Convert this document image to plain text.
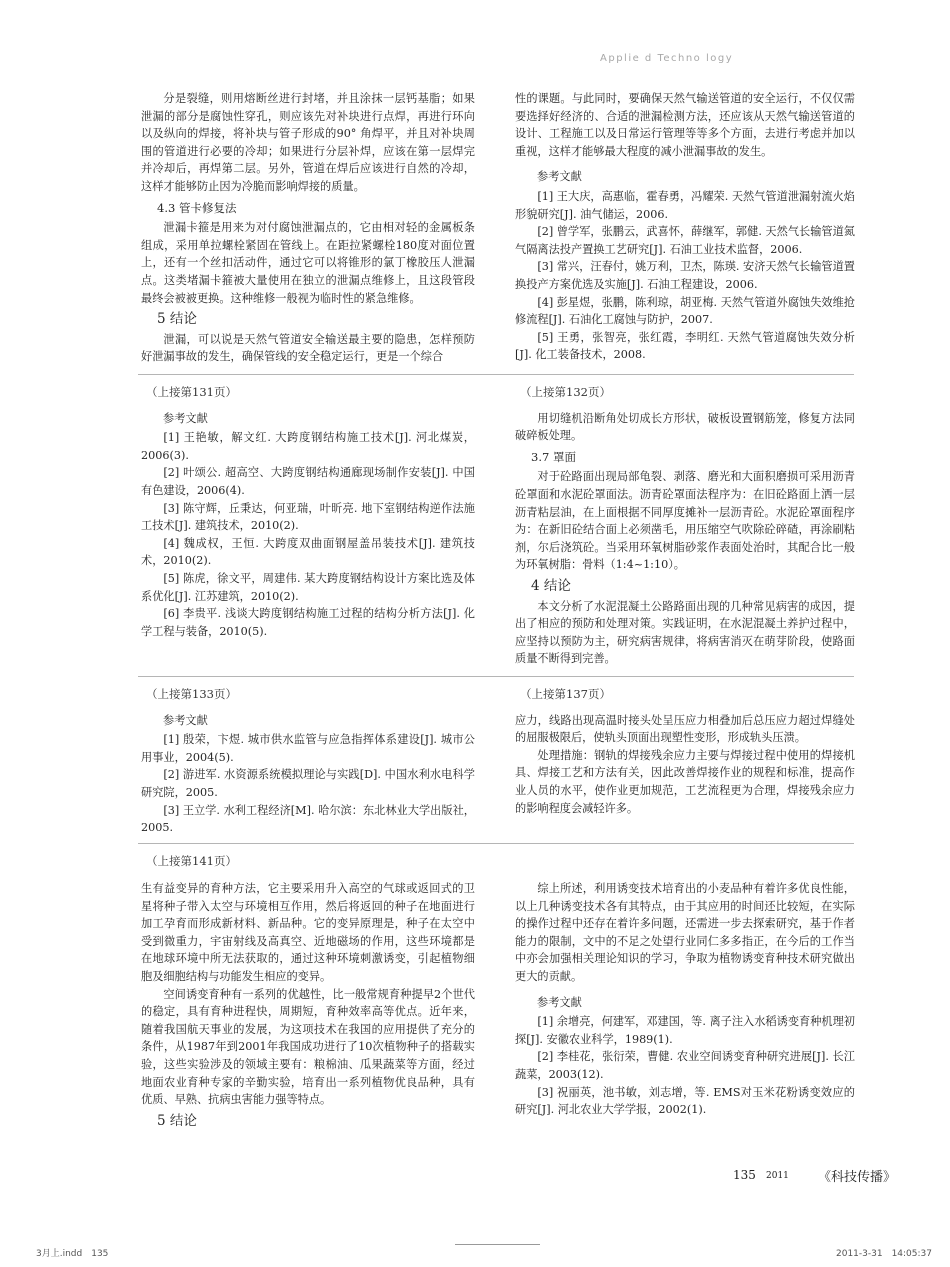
Applie d Techno logy

分是裂缝，则用熔断丝进行封堵，并且涂抹一层钙基脂；如果泄漏的部分是腐蚀性穿孔，则应该先对补块进行点焊，再进行环向以及纵向的焊接，将补块与管子形成的90° 角焊平，并且对补块周围的管道进行必要的冷却；如果进行分层补焊，应该在第一层焊完并冷却后，再焊第二层。另外，管道在焊后应该进行自然的冷却，这样才能够防止因为冷脆而影响焊接的质量。

4.3 管卡修复法

泄漏卡箍是用来为对付腐蚀泄漏点的，它由相对轻的金属板条组成，采用单拉螺栓紧固在管线上。在距拉紧螺栓180度对面位置上，还有一个丝扣活动件，通过它可以将锥形的氯丁橡胶压人泄漏点。这类堵漏卡箍被大量使用在独立的泄漏点维修上，且这段管段最终会被被更换。这种维修一般视为临时性的紧急维修。

5 结论

泄漏，可以说是天然气管道安全输送最主要的隐患，怎样预防好泄漏事故的发生，确保管线的安全稳定运行，更是一个综合

性的课题。与此同时，要确保天然气输送管道的安全运行，不仅仅需要选择好经济的、合适的泄漏检测方法，还应该从天然气输送管道的设计、工程施工以及日常运行管理等等多个方面，去进行考虑并加以重视，这样才能够最大程度的减小泄漏事故的发生。

参考文献

[1] 王大庆，高惠临，霍春勇，冯耀荣. 天然气管道泄漏射流火焰形貌研究[J]. 油气储运，2006.

[2] 曾学军，张鹏云，武喜怀，薛继军，郭健. 天然气长输管道氮气隔离法投产置换工艺研究[J]. 石油工业技术监督，2006.

[3] 常兴，汪春付，姚万利，卫杰，陈瑛. 安济天然气长输管道置换投产方案优选及实施[J]. 石油工程建设，2006.

[4] 彭星煜，张鹏，陈利琼，胡亚梅. 天然气管道外腐蚀失效维抢修流程[J]. 石油化工腐蚀与防护，2007.

[5] 王勇，张智亮，张红霞，李明红. 天然气管道腐蚀失效分析[J]. 化工装备技术，2008.

（上接第131页）

参考文献

[1] 王艳敏，解文红. 大跨度钢结构施工技术[J]. 河北煤炭，2006(3).

[2] 叶颂公. 超高空、大跨度钢结构通廊现场制作安装[J]. 中国有色建设，2006(4).

[3] 陈守辉，丘秉达，何亚瑞，叶昕亮. 地下室钢结构逆作法施工技术[J]. 建筑技术，2010(2).

[4] 魏成权，王恒. 大跨度双曲面钢屋盖吊装技术[J]. 建筑技术，2010(2).

[5] 陈虎，徐文平，周建伟. 某大跨度钢结构设计方案比选及体系优化[J]. 江苏建筑，2010(2).

[6] 李贵平. 浅谈大跨度钢结构施工过程的结构分析方法[J]. 化学工程与装备，2010(5).

（上接第132页）

用切缝机沿断角处切成长方形状，破板设置钢筋笼，修复方法同破碎板处理。

3.7 罩面

对于砼路面出现局部龟裂、剥落、磨光和大面积磨损可采用沥青砼罩面和水泥砼罩面法。沥青砼罩面法程序为：在旧砼路面上洒一层沥青粘层油，在上面根据不同厚度摊补一层沥青砼。水泥砼罩面程序为：在新旧砼结合面上必须凿毛，用压缩空气吹除砼碎碴，再涂刷粘剂，尔后浇筑砼。当采用环氧树脂砂浆作表面处治时，其配合比一般为环氧树脂：骨料（1:4~1:10）。

4 结论

本文分析了水泥混凝土公路路面出现的几种常见病害的成因，提出了相应的预防和处理对策。实践证明，在水泥混凝土养护过程中，应坚持以预防为主，研究病害规律，将病害消灭在萌芽阶段，使路面质量不断得到完善。

（上接第133页）

参考文献

[1] 殷荣，卞煜. 城市供水监管与应急指挥体系建设[J]. 城市公用事业，2004(5).

[2] 游进军. 水资源系统模拟理论与实践[D]. 中国水利水电科学研究院，2005.

[3] 王立学. 水利工程经济[M]. 哈尔滨：东北林业大学出版社，2005.

（上接第137页）

应力，线路出现高温时接头处呈压应力相叠加后总压应力超过焊缝处的屈服极限后，使轨头顶面出现塑性变形，形成轨头压溃。

处理措施：钢轨的焊接残余应力主要与焊接过程中使用的焊接机具、焊接工艺和方法有关，因此改善焊接作业的规程和标准，提高作业人员的水平，使作业更加规范，工艺流程更为合理，焊接残余应力的影响程度会减轻许多。

（上接第141页）

生有益变异的育种方法，它主要采用升入高空的气球或返回式的卫星将种子带入太空与环境相互作用，然后将返回的种子在地面进行加工孕育而形成新材料、新品种。它的变异原理是，种子在太空中受到微重力，宇宙射线及高真空、近地磁场的作用，这些环境都是在地球环境中所无法获取的，通过这种环境刺激诱变，引起植物细胞及细胞结构与功能发生相应的变异。

空间诱变育种有一系列的优越性，比一般常规育种提早2个世代的稳定，具有育种进程快，周期短，育种效率高等优点。近年来，随着我国航天事业的发展，为这项技术在我国的应用提供了充分的条件，从1987年到2001年我国成功进行了10次植物种子的搭载实验，这些实验涉及的领域主要有：粮棉油、瓜果蔬菜等方面，经过地面农业育种专家的辛勤实验，培育出一系列植物优良品种，具有优质、早熟、抗病虫害能力强等特点。

5 结论

综上所述，利用诱变技术培育出的小麦品种有着许多优良性能，以上几种诱变技术各有其特点，由于其应用的时间还比较短，在实际的操作过程中还存在着许多问题，还需进一步去探索研究，基于作者能力的限制，文中的不足之处望行业同仁多多指正，在今后的工作当中亦会加强相关理论知识的学习，争取为植物诱变育种技术研究做出更大的贡献。

参考文献

[1] 余增亮，何建军，邓建国，等. 离子注入水稻诱变育种机理初探[J]. 安徽农业科学，1989(1).

[2] 李桂花，张衍荣，曹健. 农业空间诱变育种研究进展[J]. 长江蔬菜，2003(12).

[3] 祝丽英，池书敏，刘志增，等. EMS对玉米花粉诱变效应的研究[J]. 河北农业大学学报，2002(1).

135 2011 《科技传播》
3月上.indd　135	2011-3-31　14:05:37
